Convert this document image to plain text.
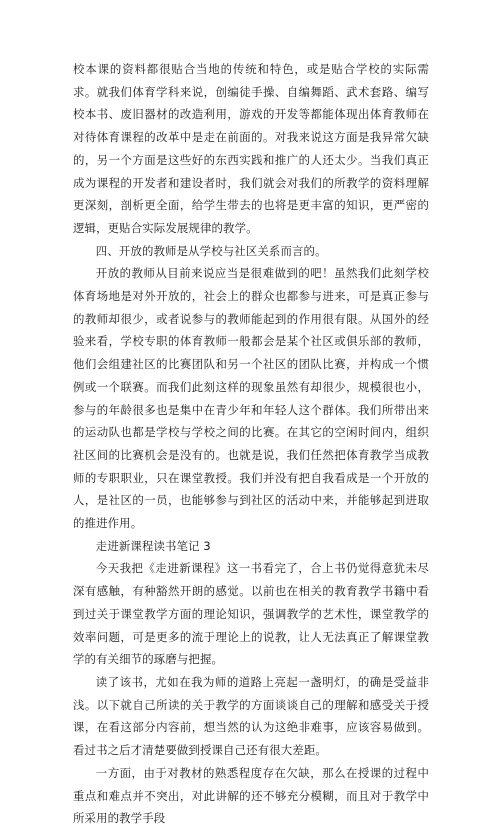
校本课的资料都很贴合当地的传统和特色，或是贴合学校的实际需求。就我们体育学科来说，创编徒手操、自编舞蹈、武术套路、编写校本书、废旧器材的改造利用，游戏的开发等都能体现出体育教师在对待体育课程的改革中是走在前面的。对我来说这方面是我异常欠缺的，另一个方面是这些好的东西实践和推广的人还太少。当我们真正成为课程的开发者和建设者时，我们就会对我们的所教学的资料理解更深刻，剖析更全面，给学生带去的也将是更丰富的知识，更严密的逻辑，更贴合实际发展规律的教学。

四、开放的教师是从学校与社区关系而言的。

开放的教师从目前来说应当是很难做到的吧！虽然我们此刻学校体育场地是对外开放的，社会上的群众也都参与进来，可是真正参与的教师却很少，或者说参与的教师能起到的作用很有限。从国外的经验来看，学校专职的体育教师一般都会是某个社区或俱乐部的教师，他们会组建社区的比赛团队和另一个社区的团队比赛，并构成一个惯例或一个联赛。而我们此刻这样的现象虽然有却很少，规模很也小，参与的年龄很多也是集中在青少年和年轻人这个群体。我们所带出来的运动队也都是学校与学校之间的比赛。在其它的空闲时间内，组织社区间的比赛机会是没有的。也就是说，我们任然把体育教学当成教师的专职职业，只在课堂教授。我们并没有把自我看成是一个开放的人，是社区的一员，也能够参与到社区的活动中来，并能够起到进取的推进作用。

走进新课程读书笔记 3

今天我把《走进新课程》这一书看完了，合上书仍觉得意犹未尽深有感触，有种豁然开朗的感觉。以前也在相关的教育教学书籍中看到过关于课堂教学方面的理论知识，强调教学的艺术性，课堂教学的效率问题，可是更多的流于理论上的说教，让人无法真正了解课堂教学的有关细节的琢磨与把握。

读了该书，尤如在我为师的道路上亮起一盏明灯，的确是受益非浅。以下就自己所读的关于教学的方面谈谈自己的理解和感受关于授课，在看这部分内容前，想当然的认为这绝非难事，应该容易做到。看过书之后才清楚要做到授课自己还有很大差距。

一方面，由于对教材的熟悉程度存在欠缺，那么在授课的过程中重点和难点并不突出，对此讲解的还不够充分模糊，而且对于教学中所采用的教学手段
